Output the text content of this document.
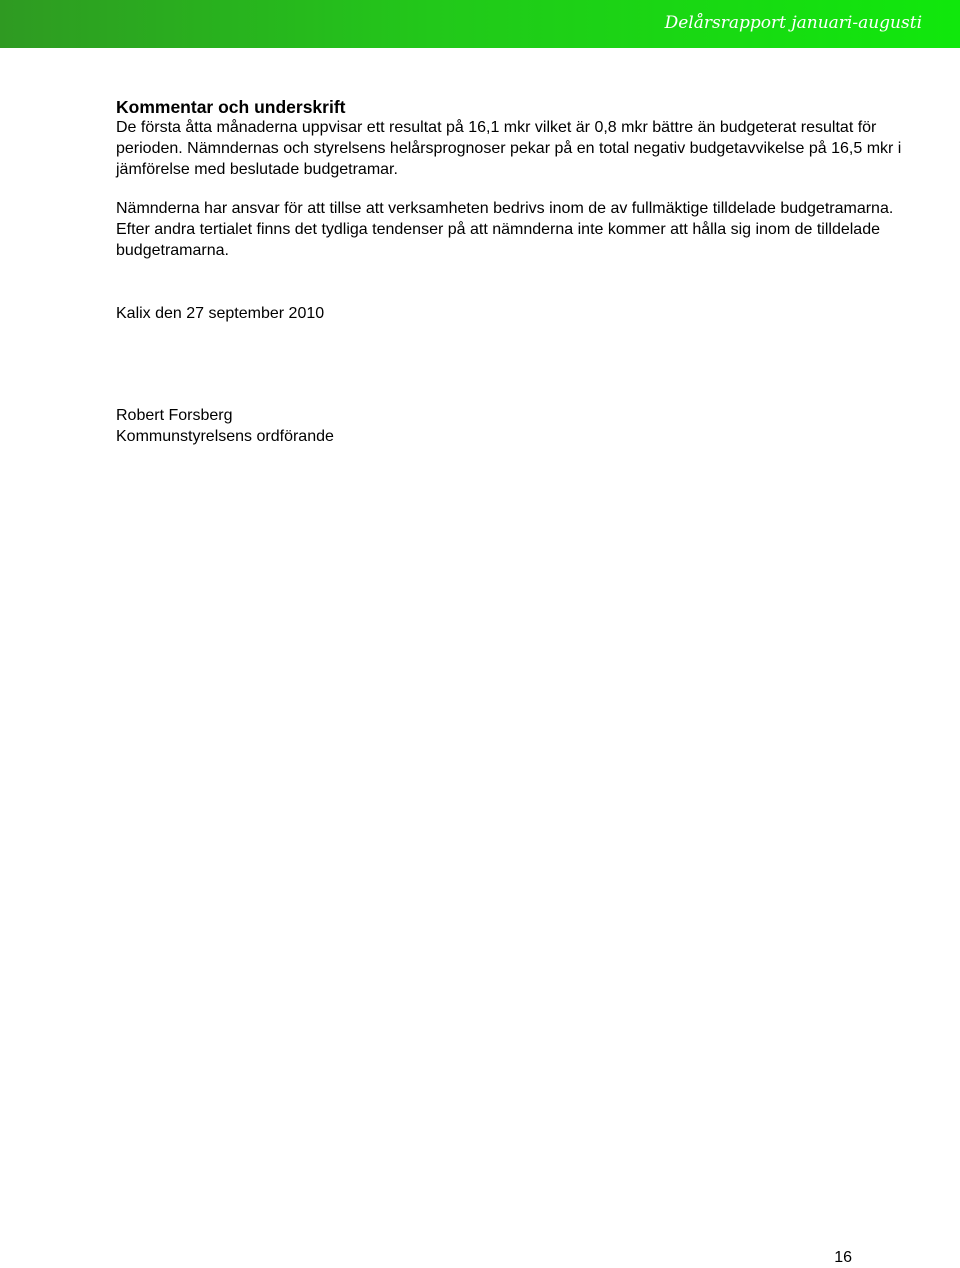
Delårsrapport januari-augusti
Kommentar och underskrift

De första åtta månaderna uppvisar ett resultat på 16,1 mkr vilket är 0,8 mkr bättre än budgeterat resultat för perioden. Nämndernas och styrelsens helårsprognoser pekar på en total negativ budgetavvikelse på 16,5 mkr i jämförelse med beslutade budgetramar.

Nämnderna har ansvar för att tillse att verksamheten bedrivs inom de av fullmäktige tilldelade budgetramarna. Efter andra tertialet finns det tydliga tendenser på att nämnderna inte kommer att hålla sig inom de tilldelade budgetramarna.

Kalix den 27 september 2010

Robert Forsberg
Kommunstyrelsens ordförande
16
